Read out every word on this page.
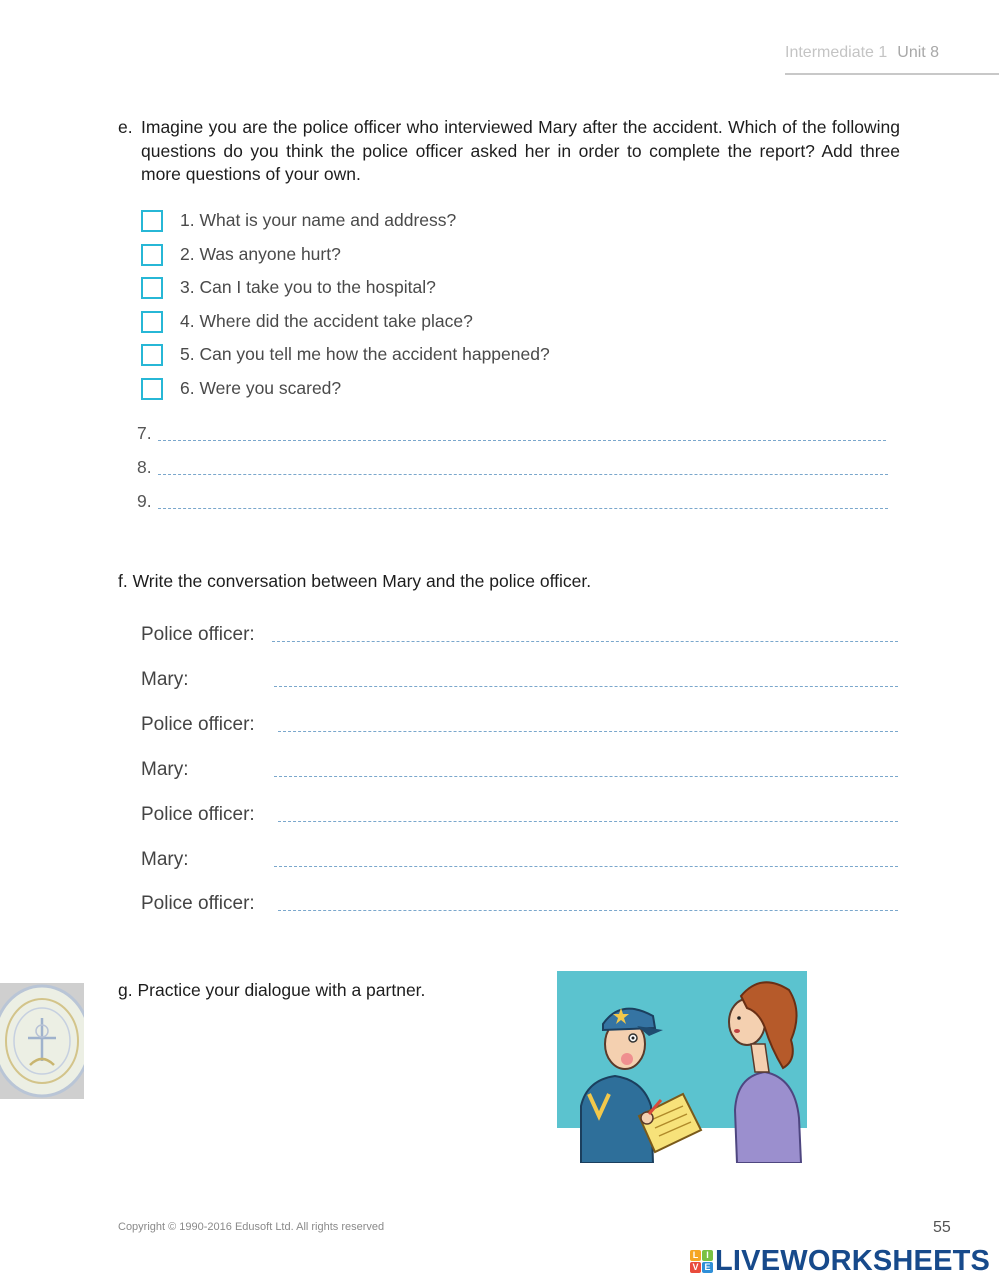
Intermediate 1 Unit 8
e. Imagine you are the police officer who interviewed Mary after the accident. Which of the following questions do you think the police officer asked her in order to complete the report? Add three more questions of your own.
1. What is your name and address?
2. Was anyone hurt?
3. Can I take you to the hospital?
4. Where did the accident take place?
5. Can you tell me how the accident happened?
6. Were you scared?
7.
8.
9.
f. Write the conversation between Mary and the police officer.
Police officer:
Mary:
Police officer:
Mary:
Police officer:
Mary:
Police officer:
g. Practice your dialogue with a partner.
Copyright © 1990-2016 Edusoft Ltd. All rights reserved	55
L I
V E LIVEWORKSHEETS
